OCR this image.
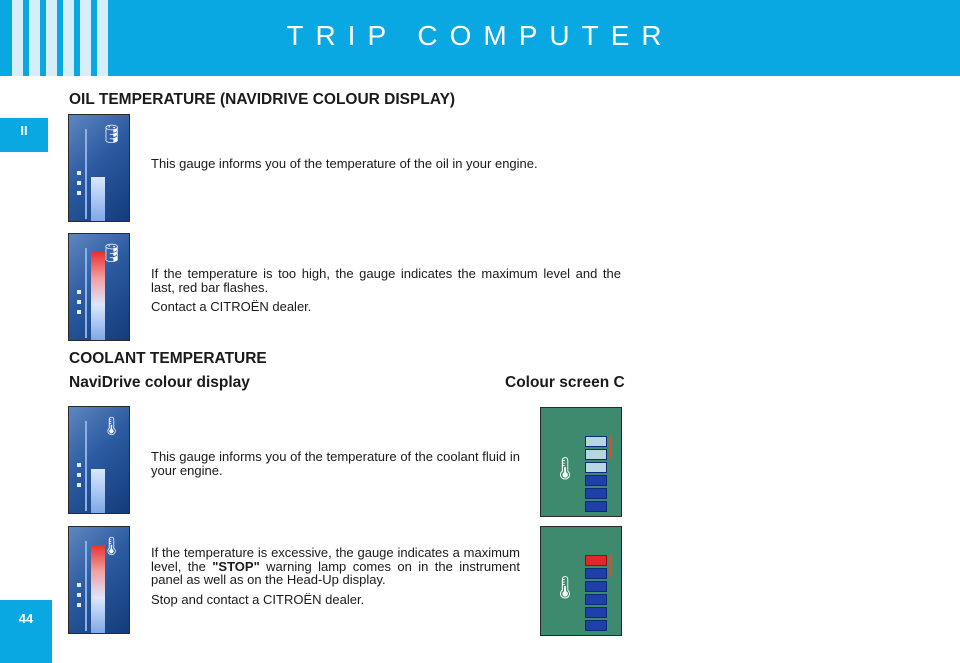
TRIP COMPUTER
II
44
OIL TEMPERATURE (NAVIDRIVE COLOUR DISPLAY)
🛢

This gauge informs you of the temperature of the oil in your engine.

🛢

If the temperature is too high, the gauge indicates the maximum level and the last, red bar flashes.

Contact a CITROËN dealer.

COOLANT TEMPERATURE
NaviDrive colour display	Colour screen C
🌡

This gauge informs you of the temperature of the coolant fluid in your engine.	🌡
🌡 If the temperature is excessive, the gauge indicates a maximum level, the "STOP" warning lamp comes on in the instrument panel as well as on the Head-Up display.

Stop and contact a CITROËN dealer.	🌡
